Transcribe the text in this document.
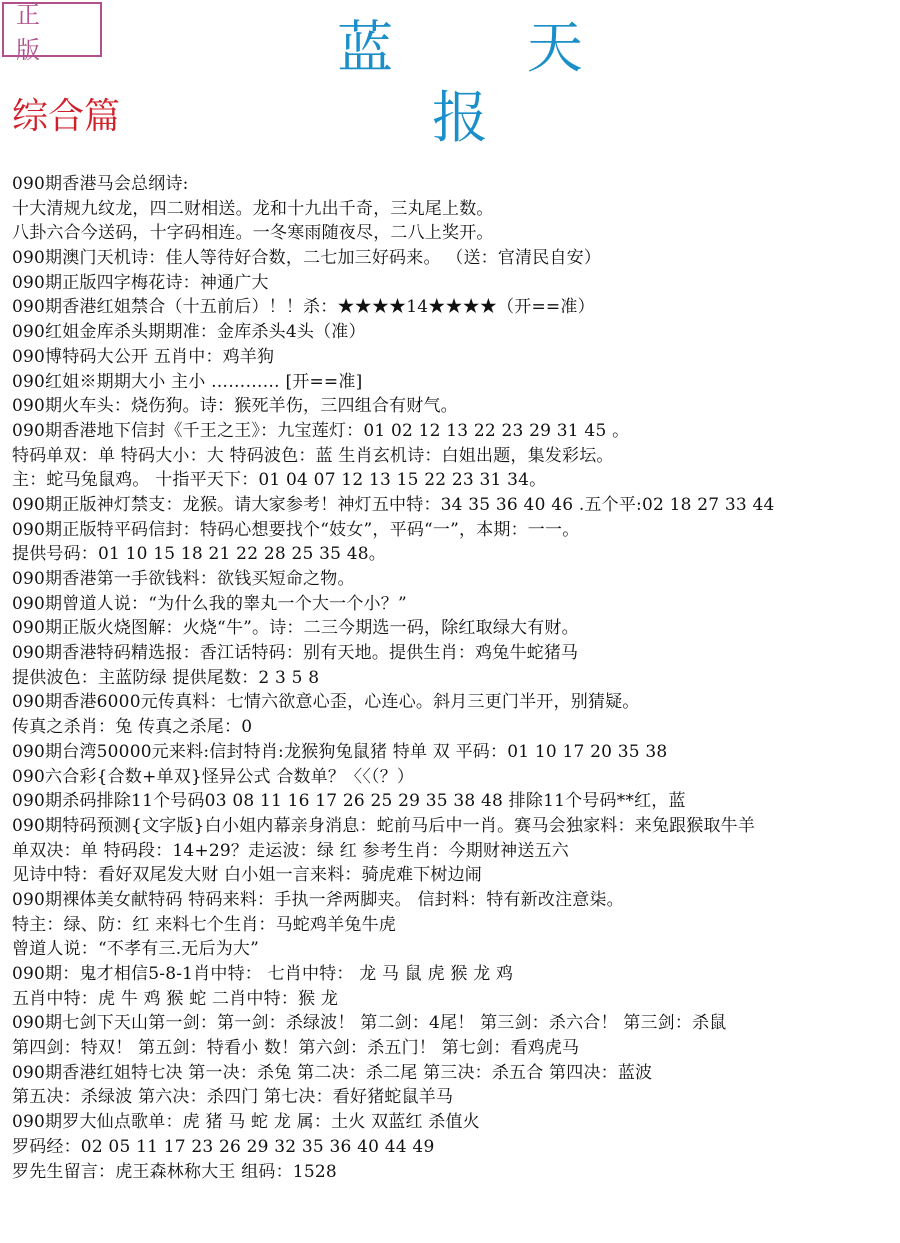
正 版	蓝 天 报
综合篇
090期香港马会总纲诗:
十大清规九纹龙，四二财相送。龙和十九出千奇，三丸尾上数。
八卦六合今送码，十字码相连。一冬寒雨随夜尽，二八上奖开。
090期澳门天机诗：佳人等待好合数，二七加三好码来。 （送：官清民自安）
090期正版四字梅花诗：神通广大
090期香港红姐禁合（十五前后）！！杀：★★★★14★★★★（开==准）
090红姐金库杀头期期准：金库杀头4头（准）
090博特码大公开 五肖中：鸡羊狗
090红姐※期期大小 主小 ………… [开==准]
090期火车头：烧伤狗。诗：猴死羊伤，三四组合有财气。
090期香港地下信封《千王之王》：九宝莲灯：01 02 12 13 22 23 29 31 45 。
特码单双：单 特码大小：大 特码波色：蓝 生肖玄机诗：白姐出题，集发彩坛。
主：蛇马兔鼠鸡。 十指平天下：01 04 07 12 13 15 22 23 31 34。
090期正版神灯禁支：龙猴。请大家参考！神灯五中特：34 35 36 40 46 .五个平:02 18 27 33 44
090期正版特平码信封：特码心想要找个“妓女”，平码“一”，本期：一一。
提供号码：01 10 15 18 21 22 28 25 35 48。
090期香港第一手欲钱料：欲钱买短命之物。
090期曾道人说：“为什么我的睾丸一个大一个小？”
090期正版火烧图解：火烧“牛”。诗：二三今期选一码，除红取绿大有财。
090期香港特码精选报：香江话特码：别有天地。提供生肖：鸡兔牛蛇猪马
提供波色：主蓝防绿 提供尾数：2 3 5 8
090期香港6000元传真料：七情六欲意心歪，心连心。斜月三更门半开，别猜疑。
传真之杀肖：兔 传真之杀尾：0
090期台湾50000元来料:信封特肖:龙猴狗兔鼠猪 特单 双 平码：01 10 17 20 35 38
090六合彩{合数+单双}怪异公式 合数单？〈〈（？）
090期杀码排除11个号码03 08 11 16 17 26 25 29 35 38 48 排除11个号码**红，蓝
090期特码预测{文字版}白小姐内幕亲身消息：蛇前马后中一肖。赛马会独家料：来兔跟猴取牛羊
单双决：单 特码段：14+29？走运波：绿 红 参考生肖：今期财神送五六
见诗中特：看好双尾发大财 白小姐一言来料：骑虎难下树边闹
090期裸体美女献特码 特码来料：手执一斧两脚夹。 信封料：特有新改注意柒。
特主：绿、防：红 来料七个生肖：马蛇鸡羊兔牛虎
曾道人说：“不孝有三.无后为大”
090期：鬼才相信5-8-1肖中特： 七肖中特： 龙 马 鼠 虎 猴 龙 鸡
五肖中特：虎 牛 鸡 猴 蛇 二肖中特：猴 龙
090期七剑下天山第一剑：第一剑：杀绿波！ 第二剑：4尾！ 第三剑：杀六合！ 第三剑：杀鼠
第四剑：特双！ 第五剑：特看小 数！第六剑：杀五门！ 第七剑：看鸡虎马
090期香港红姐特七决 第一决：杀兔 第二决：杀二尾 第三决：杀五合 第四决：蓝波
第五决：杀绿波 第六决：杀四门 第七决：看好猪蛇鼠羊马
090期罗大仙点歌单：虎 猪 马 蛇 龙 属：土火 双蓝红 杀值火
罗码经：02 05 11 17 23 26 29 32 35 36 40 44 49
罗先生留言：虎王森林称大王 组码：1528
